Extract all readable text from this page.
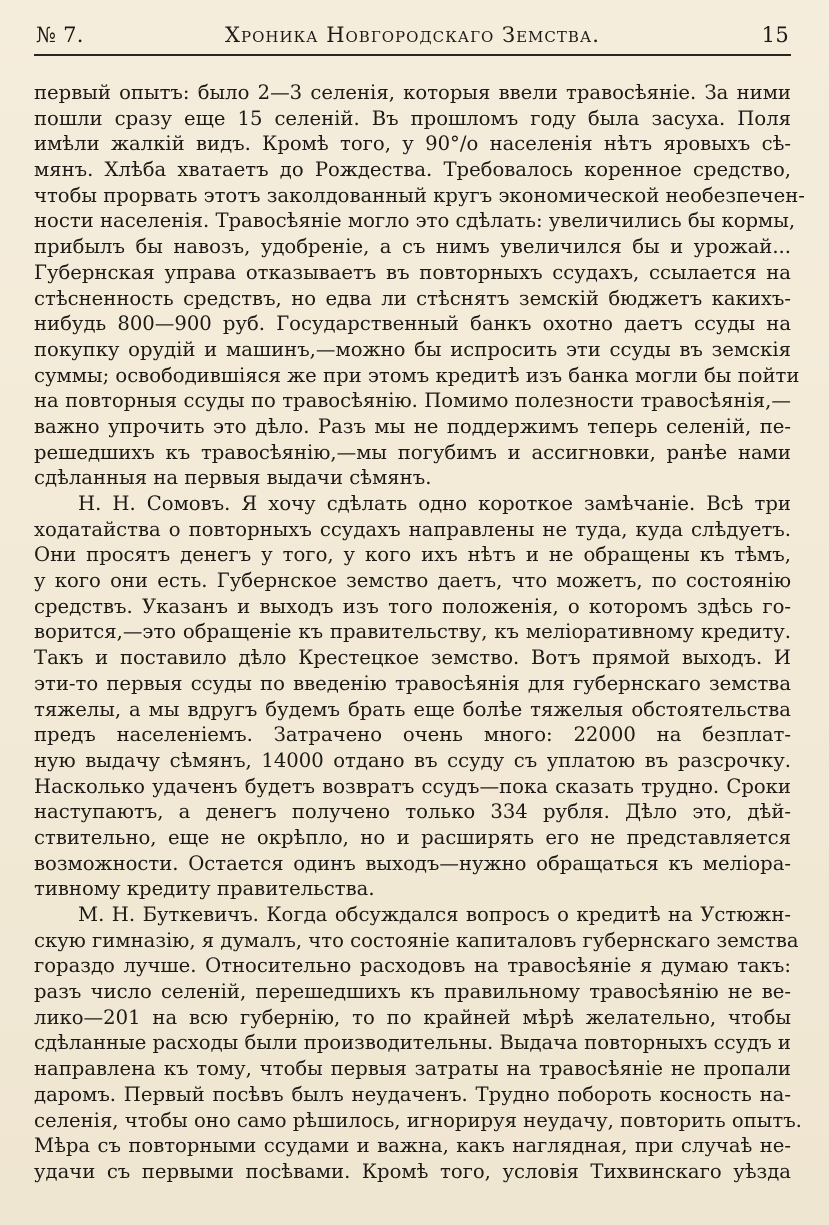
№ 7.	Хроника Новгородскаго Земства.	15
первый опытъ: было 2—3 селенія, которыя ввели травосѣяніе. За ними
пошли сразу еще 15 селеній. Въ прошломъ году была засуха. Поля
имѣли жалкій видъ. Кромѣ того, у 90°/о населенія нѣтъ яровыхъ сѣ-
мянъ. Хлѣба хватаетъ до Рождества. Требовалось коренное средство,
чтобы прорвать этотъ заколдованный кругъ экономической необезпечен-
ности населенія. Травосѣяніе могло это сдѣлать: увеличились бы кормы,
прибылъ бы навозъ, удобреніе, а съ нимъ увеличился бы и урожай...
Губернская управа отказываетъ въ повторныхъ ссудахъ, ссылается на
стѣсненность средствъ, но едва ли стѣснятъ земскій бюджетъ какихъ-
нибудь 800—900 руб. Государственный банкъ охотно даетъ ссуды на
покупку орудій и машинъ,—можно бы испросить эти ссуды въ земскія
суммы; освободившіяся же при этомъ кредитѣ изъ банка могли бы пойти
на повторныя ссуды по травосѣянію. Помимо полезности травосѣянія,—
важно упрочить это дѣло. Разъ мы не поддержимъ теперь селеній, пе-
решедшихъ къ травосѣянію,—мы погубимъ и ассигновки, ранѣе нами
сдѣланныя на первыя выдачи сѣмянъ.
Н. Н. Сомовъ. Я хочу сдѣлать одно короткое замѣчаніе. Всѣ три
ходатайства о повторныхъ ссудахъ направлены не туда, куда слѣдуетъ.
Они просятъ денегъ у того, у кого ихъ нѣтъ и не обращены къ тѣмъ,
у кого они есть. Губернское земство даетъ, что можетъ, по состоянію
средствъ. Указанъ и выходъ изъ того положенія, о которомъ здѣсь го-
ворится,—это обращеніе къ правительству, къ меліоративному кредиту.
Такъ и поставило дѣло Крестецкое земство. Вотъ прямой выходъ. И
эти-то первыя ссуды по введенію травосѣянія для губернскаго земства
тяжелы, а мы вдругъ будемъ брать еще болѣе тяжелыя обстоятельства
предъ населеніемъ. Затрачено очень много: 22000 на безплат-
ную выдачу сѣмянъ, 14000 отдано въ ссуду съ уплатою въ разсрочку.
Насколько удаченъ будетъ возвратъ ссудъ—пока сказать трудно. Сроки
наступаютъ, а денегъ получено только 334 рубля. Дѣло это, дѣй-
ствительно, еще не окрѣпло, но и расширять его не представляется
возможности. Остается одинъ выходъ—нужно обращаться къ меліора-
тивному кредиту правительства.
М. Н. Буткевичъ. Когда обсуждался вопросъ о кредитѣ на Устюжн-
скую гимназію, я думалъ, что состояніе капиталовъ губернскаго земства
гораздо лучше. Относительно расходовъ на травосѣяніе я думаю такъ:
разъ число селеній, перешедшихъ къ правильному травосѣянію не ве-
лико—201 на всю губернію, то по крайней мѣрѣ желательно, чтобы
сдѣланные расходы были производительны. Выдача повторныхъ ссудъ и
направлена къ тому, чтобы первыя затраты на травосѣяніе не пропали
даромъ. Первый посѣвъ былъ неудаченъ. Трудно побороть косность на-
селенія, чтобы оно само рѣшилось, игнорируя неудачу, повторить опытъ.
Мѣра съ повторными ссудами и важна, какъ наглядная, при случаѣ не-
удачи съ первыми посѣвами. Кромѣ того, условія Тихвинскаго уѣзда
